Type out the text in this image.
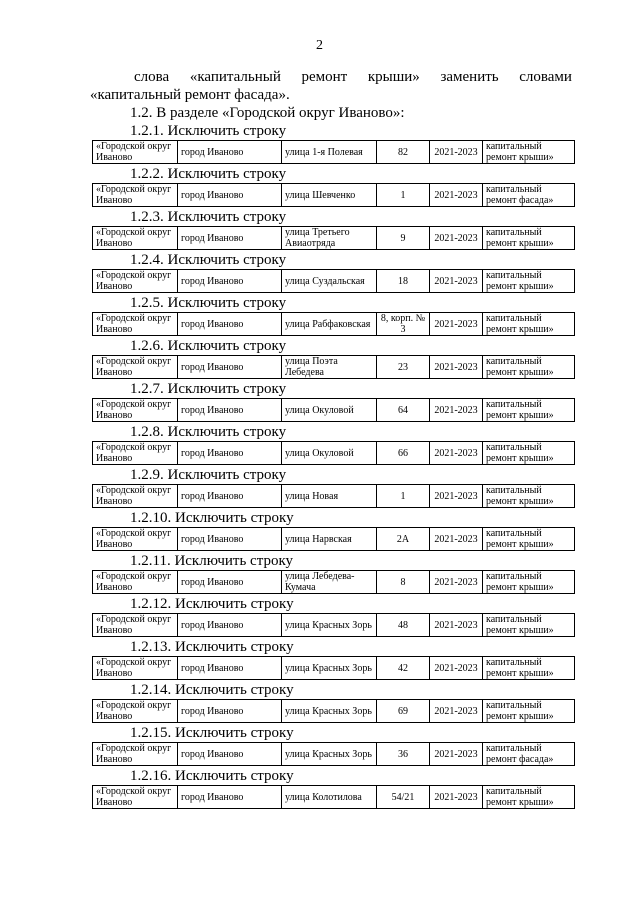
2
слова «капитальный ремонт крыши» заменить словами
«капитальный ремонт фасада».
1.2. В разделе «Городской округ Иваново»:
1.2.1. Исключить строку
«Городской округ Иваново	город Иваново	улица 1-я Полевая	82	2021-2023	капитальный ремонт крыши»
1.2.2. Исключить строку
«Городской округ Иваново	город Иваново	улица Шевченко	1	2021-2023	капитальный ремонт фасада»
1.2.3. Исключить строку
«Городской округ Иваново	город Иваново	улица Третьего Авиаотряда	9	2021-2023	капитальный ремонт крыши»
1.2.4. Исключить строку
«Городской округ Иваново	город Иваново	улица Суздальская	18	2021-2023	капитальный ремонт крыши»
1.2.5. Исключить строку
«Городской округ Иваново	город Иваново	улица Рабфаковская	8, корп. № 3	2021-2023	капитальный ремонт крыши»
1.2.6. Исключить строку
«Городской округ Иваново	город Иваново	улица Поэта Лебедева	23	2021-2023	капитальный ремонт крыши»
1.2.7. Исключить строку
«Городской округ Иваново	город Иваново	улица Окуловой	64	2021-2023	капитальный ремонт крыши»
1.2.8. Исключить строку
«Городской округ Иваново	город Иваново	улица Окуловой	66	2021-2023	капитальный ремонт крыши»
1.2.9. Исключить строку
«Городской округ Иваново	город Иваново	улица Новая	1	2021-2023	капитальный ремонт крыши»
1.2.10. Исключить строку
«Городской округ Иваново	город Иваново	улица Нарвская	2А	2021-2023	капитальный ремонт крыши»
1.2.11. Исключить строку
«Городской округ Иваново	город Иваново	улица Лебедева-Кумача	8	2021-2023	капитальный ремонт крыши»
1.2.12. Исключить строку
«Городской округ Иваново	город Иваново	улица Красных Зорь	48	2021-2023	капитальный ремонт крыши»
1.2.13. Исключить строку
«Городской округ Иваново	город Иваново	улица Красных Зорь	42	2021-2023	капитальный ремонт крыши»
1.2.14. Исключить строку
«Городской округ Иваново	город Иваново	улица Красных Зорь	69	2021-2023	капитальный ремонт крыши»
1.2.15. Исключить строку
«Городской округ Иваново	город Иваново	улица Красных Зорь	36	2021-2023	капитальный ремонт фасада»
1.2.16. Исключить строку
«Городской округ Иваново	город Иваново	улица Колотилова	54/21	2021-2023	капитальный ремонт крыши»
